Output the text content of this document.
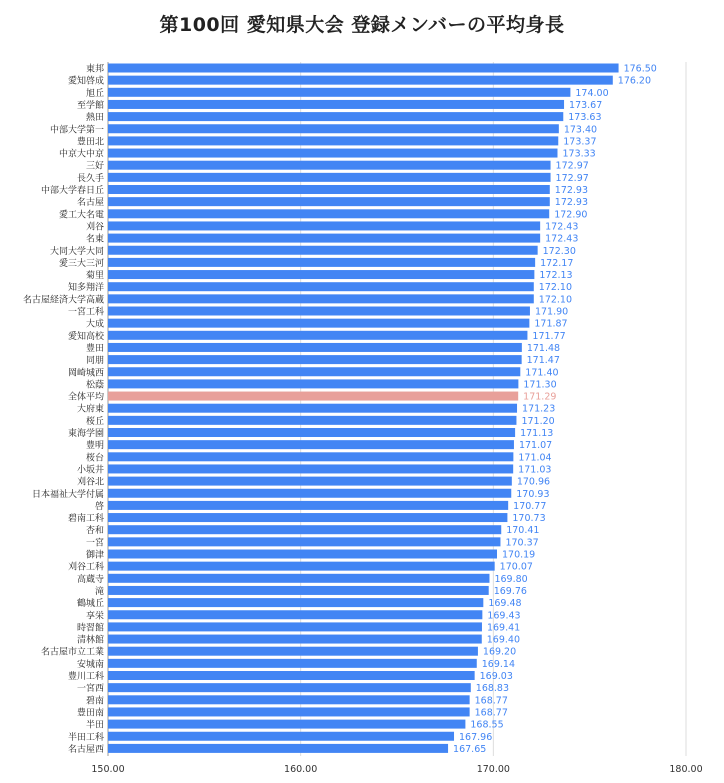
第100回 愛知県大会 登録メンバーの平均身長
東邦	176.50
愛知啓成	176.20
旭丘	174.00
至学館	173.67
熱田	173.63
中部大学第一	173.40
豊田北	173.37
中京大中京	173.33
三好	172.97
長久手	172.97
中部大学春日丘	172.93
名古屋	172.93
愛工大名電	172.90
刈谷	172.43
名東	172.43
大同大学大同	172.30
愛三大三河	172.17
菊里	172.13
知多翔洋	172.10
名古屋経済大学高蔵	172.10
一宮工科	171.90
大成	171.87
愛知高校	171.77
豊田	171.48
同朋	171.47
岡崎城西	171.40
松蔭	171.30
全体平均	171.29
大府東	171.23
桜丘	171.20
東海学園	171.13
豊明	171.07
桜台	171.04
小坂井	171.03
刈谷北	170.96
日本福祉大学付属	170.93
啓	170.77
碧南工科	170.73
杏和	170.41
一宮	170.37
御津	170.19
刈谷工科	170.07
高蔵寺	169.80
滝	169.76
鶴城丘	169.48
享栄	169.43
時習館	169.41
清林館	169.40
名古屋市立工業	169.20
安城南	169.14
豊川工科	169.03
一宮西	168.83
碧南	168.77
豊田南	168.77
半田	168.55
半田工科	167.96
名古屋西	167.65
150.00	160.00	170.00	180.00
